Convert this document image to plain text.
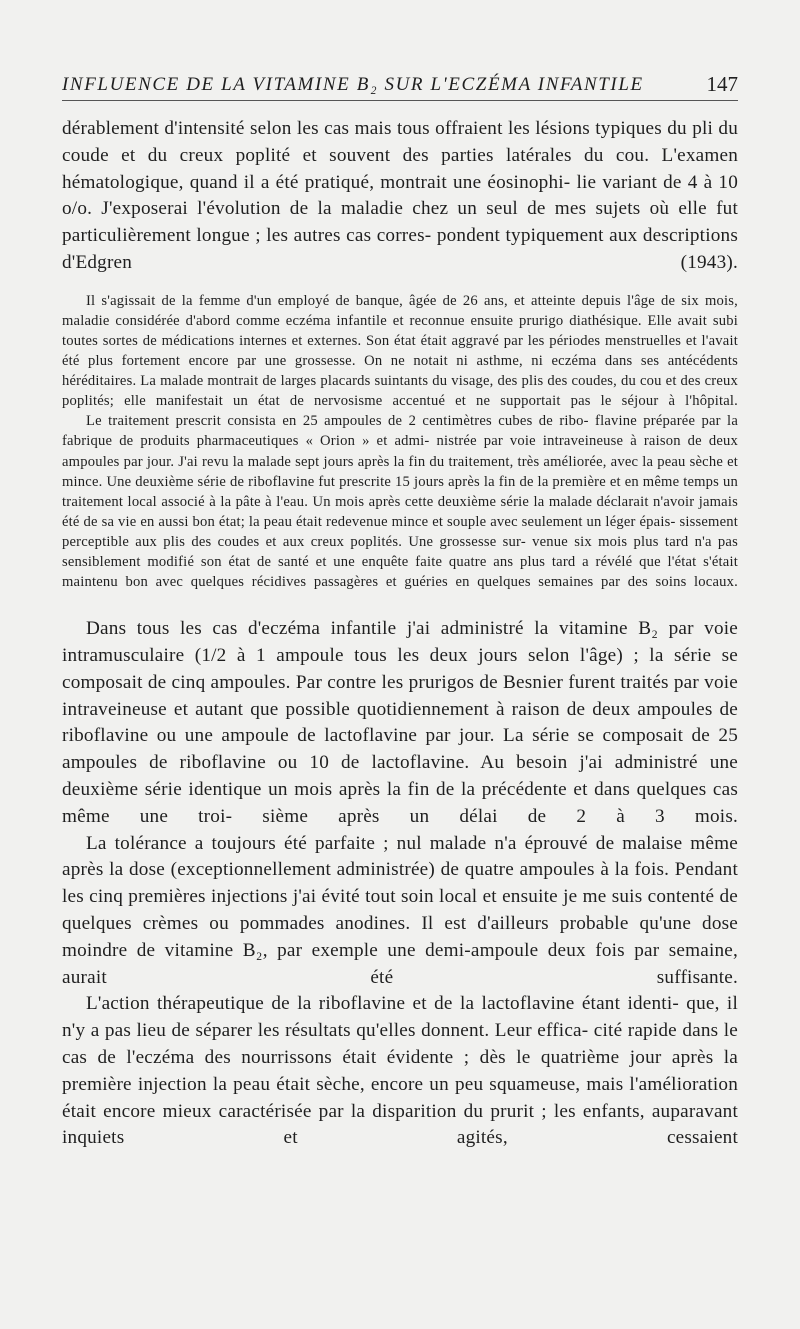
INFLUENCE DE LA VITAMINE B₂ SUR L'ECZÉMA INFANTILE	147

dérablement d'intensité selon les cas mais tous offraient les lésions typiques du pli du coude et du creux poplité et souvent des parties latérales du cou. L'examen hématologique, quand il a été pratiqué, montrait une éosinophi- lie variant de 4 à 10 o/o. J'exposerai l'évolution de la maladie chez un seul de mes sujets où elle fut particulièrement longue ; les autres cas corres- pondent typiquement aux descriptions d'Edgren (1943).

Il s'agissait de la femme d'un employé de banque, âgée de 26 ans, et atteinte depuis l'âge de six mois, maladie considérée d'abord comme eczéma infantile et reconnue ensuite prurigo diathésique. Elle avait subi toutes sortes de médications internes et externes. Son état était aggravé par les périodes menstruelles et l'avait été plus fortement encore par une grossesse. On ne notait ni asthme, ni eczéma dans ses antécédents héréditaires. La malade montrait de larges placards suintants du visage, des plis des coudes, du cou et des creux poplités; elle manifestait un état de nervosisme accentué et ne supportait pas le séjour à l'hôpital.

Le traitement prescrit consista en 25 ampoules de 2 centimètres cubes de ribo- flavine préparée par la fabrique de produits pharmaceutiques « Orion » et admi- nistrée par voie intraveineuse à raison de deux ampoules par jour. J'ai revu la malade sept jours après la fin du traitement, très améliorée, avec la peau sèche et mince. Une deuxième série de riboflavine fut prescrite 15 jours après la fin de la première et en même temps un traitement local associé à la pâte à l'eau. Un mois après cette deuxième série la malade déclarait n'avoir jamais été de sa vie en aussi bon état; la peau était redevenue mince et souple avec seulement un léger épais- sissement perceptible aux plis des coudes et aux creux poplités. Une grossesse sur- venue six mois plus tard n'a pas sensiblement modifié son état de santé et une enquête faite quatre ans plus tard a révélé que l'état s'était maintenu bon avec quelques récidives passagères et guéries en quelques semaines par des soins locaux.

Dans tous les cas d'eczéma infantile j'ai administré la vitamine B₂ par voie intramusculaire (1/2 à 1 ampoule tous les deux jours selon l'âge) ; la série se composait de cinq ampoules. Par contre les prurigos de Besnier furent traités par voie intraveineuse et autant que possible quotidiennement à raison de deux ampoules de riboflavine ou une ampoule de lactoflavine par jour. La série se composait de 25 ampoules de riboflavine ou 10 de lactoflavine. Au besoin j'ai administré une deuxième série identique un mois après la fin de la précédente et dans quelques cas même une troi- sième après un délai de 2 à 3 mois.

La tolérance a toujours été parfaite ; nul malade n'a éprouvé de malaise même après la dose (exceptionnellement administrée) de quatre ampoules à la fois. Pendant les cinq premières injections j'ai évité tout soin local et ensuite je me suis contenté de quelques crèmes ou pommades anodines. Il est d'ailleurs probable qu'une dose moindre de vitamine B₂, par exemple une demi-ampoule deux fois par semaine, aurait été suffisante.

L'action thérapeutique de la riboflavine et de la lactoflavine étant identi- que, il n'y a pas lieu de séparer les résultats qu'elles donnent. Leur effica- cité rapide dans le cas de l'eczéma des nourrissons était évidente ; dès le quatrième jour après la première injection la peau était sèche, encore un peu squameuse, mais l'amélioration était encore mieux caractérisée par la disparition du prurit ; les enfants, auparavant inquiets et agités, cessaient
